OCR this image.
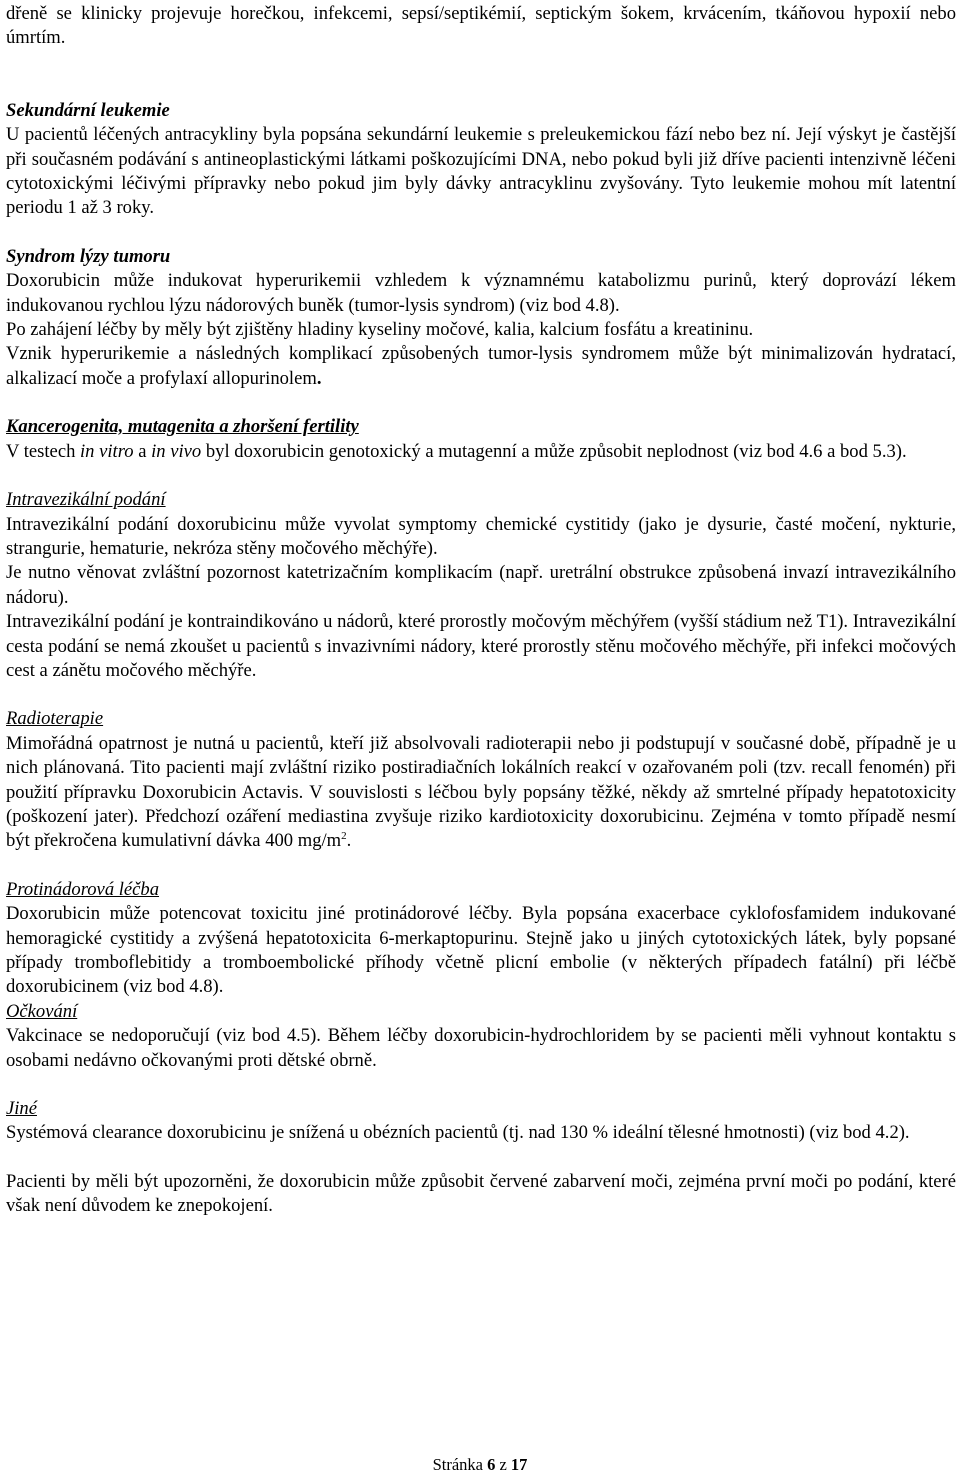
dřeně se klinicky projevuje horečkou, infekcemi, sepsí/septikémií, septickým šokem, krvácením, tkáňovou hypoxií nebo úmrtím.

Sekundární leukemie

U pacientů léčených antracykliny byla popsána sekundární leukemie s preleukemickou fází nebo bez ní. Její výskyt je častější při současném podávání s antineoplastickými látkami poškozujícími DNA, nebo pokud byli již dříve pacienti intenzivně léčeni cytotoxickými léčivými přípravky nebo pokud jim byly dávky antracyklinu zvyšovány. Tyto leukemie mohou mít latentní periodu 1 až 3 roky.

Syndrom lýzy tumoru

Doxorubicin může indukovat hyperurikemii vzhledem k významnému katabolizmu purinů, který doprovází lékem indukovanou rychlou lýzu nádorových buněk (tumor-lysis syndrom) (viz bod 4.8).

Po zahájení léčby by měly být zjištěny hladiny kyseliny močové, kalia, kalcium fosfátu a kreatininu.

Vznik hyperurikemie a následných komplikací způsobených tumor-lysis syndromem může být minimalizován hydratací, alkalizací moče a profylaxí allopurinolem.

Kancerogenita, mutagenita a zhoršení fertility

V testech in vitro a in vivo byl doxorubicin genotoxický a mutagenní a může způsobit neplodnost (viz bod 4.6 a bod 5.3).

Intravezikální podání

Intravezikální podání doxorubicinu může vyvolat symptomy chemické cystitidy (jako je dysurie, časté močení, nykturie, strangurie, hematurie, nekróza stěny močového měchýře).

Je nutno věnovat zvláštní pozornost katetrizačním komplikacím (např. uretrální obstrukce způsobená invazí intravezikálního nádoru).

Intravezikální podání je kontraindikováno u nádorů, které prorostly močovým měchýřem (vyšší stádium než T1). Intravezikální cesta podání se nemá zkoušet u pacientů s invazivními nádory, které prorostly stěnu močového měchýře, při infekci močových cest a zánětu močového měchýře.

Radioterapie

Mimořádná opatrnost je nutná u pacientů, kteří již absolvovali radioterapii nebo ji podstupují v současné době, případně je u nich plánovaná. Tito pacienti mají zvláštní riziko postiradiačních lokálních reakcí v ozařovaném poli (tzv. recall fenomén) při použití přípravku Doxorubicin Actavis. V souvislosti s léčbou byly popsány těžké, někdy až smrtelné případy hepatotoxicity (poškození jater). Předchozí ozáření mediastina zvyšuje riziko kardiotoxicity doxorubicinu. Zejména v tomto případě nesmí být překročena kumulativní dávka 400 $mg/m^2$.

Protinádorová léčba

Doxorubicin může potencovat toxicitu jiné protinádorové léčby. Byla popsána exacerbace cyklofosfamidem indukované hemoragické cystitidy a zvýšená hepatotoxicita 6-merkaptopurinu. Stejně jako u jiných cytotoxických látek, byly popsané případy tromboflebitidy a tromboembolické příhody včetně plicní embolie (v některých případech fatální) při léčbě doxorubicinem (viz bod 4.8).

Očkování

Vakcinace se nedoporučují (viz bod 4.5). Během léčby doxorubicin-hydrochloridem by se pacienti měli vyhnout kontaktu s osobami nedávno očkovanými proti dětské obrně.

Jiné

Systémová clearance doxorubicinu je snížená u obézních pacientů (tj. nad 130 % ideální tělesné hmotnosti) (viz bod 4.2).

Pacienti by měli být upozorněni, že doxorubicin může způsobit červené zabarvení moči, zejména první moči po podání, které však není důvodem ke znepokojení.

Stránka 6 z 17
